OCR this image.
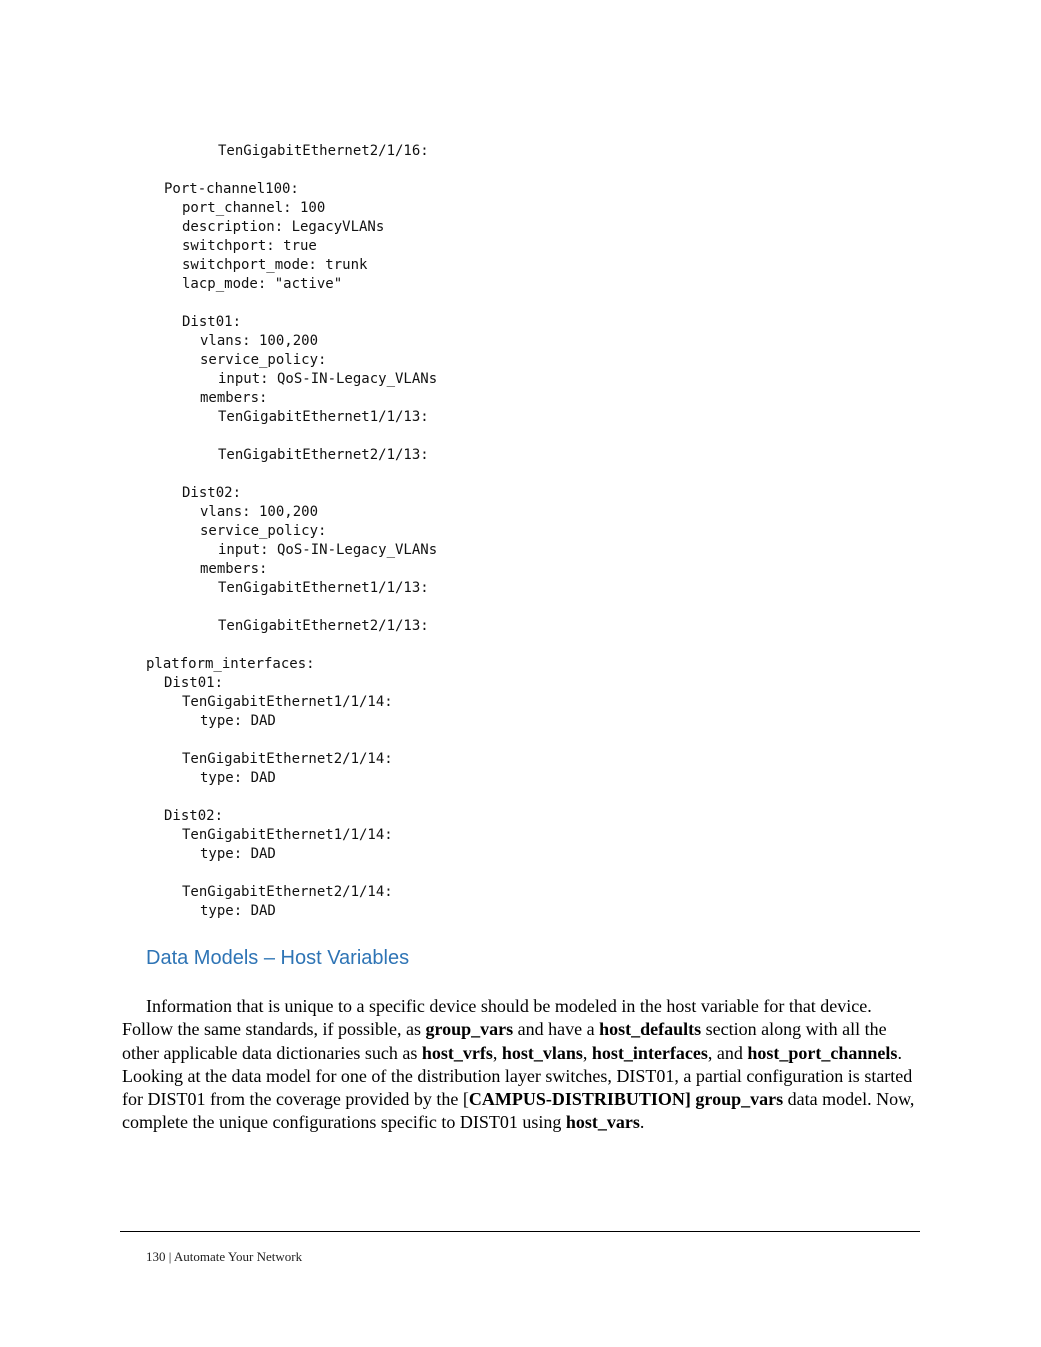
TenGigabitEthernet2/1/16:
Port-channel100:
port_channel: 100
description: LegacyVLANs
switchport: true
switchport_mode: trunk
lacp_mode: "active"
Dist01:
vlans: 100,200
service_policy:
input: QoS-IN-Legacy_VLANs
members:
TenGigabitEthernet1/1/13:
TenGigabitEthernet2/1/13:
Dist02:
vlans: 100,200
service_policy:
input: QoS-IN-Legacy_VLANs
members:
TenGigabitEthernet1/1/13:
TenGigabitEthernet2/1/13:
platform_interfaces:
Dist01:
TenGigabitEthernet1/1/14:
type: DAD
TenGigabitEthernet2/1/14:
type: DAD
Dist02:
TenGigabitEthernet1/1/14:
type: DAD
TenGigabitEthernet2/1/14:
type: DAD
Data Models – Host Variables

Information that is unique to a specific device should be modeled in the host variable for that device. Follow the same standards, if possible, as group_vars and have a host_defaults section along with all the other applicable data dictionaries such as host_vrfs, host_vlans, host_interfaces, and host_port_channels. Looking at the data model for one of the distribution layer switches, DIST01, a partial configuration is started for DIST01 from the coverage provided by the [CAMPUS-DISTRIBUTION] group_vars data model. Now, complete the unique configurations specific to DIST01 using host_vars.

130 | Automate Your Network
